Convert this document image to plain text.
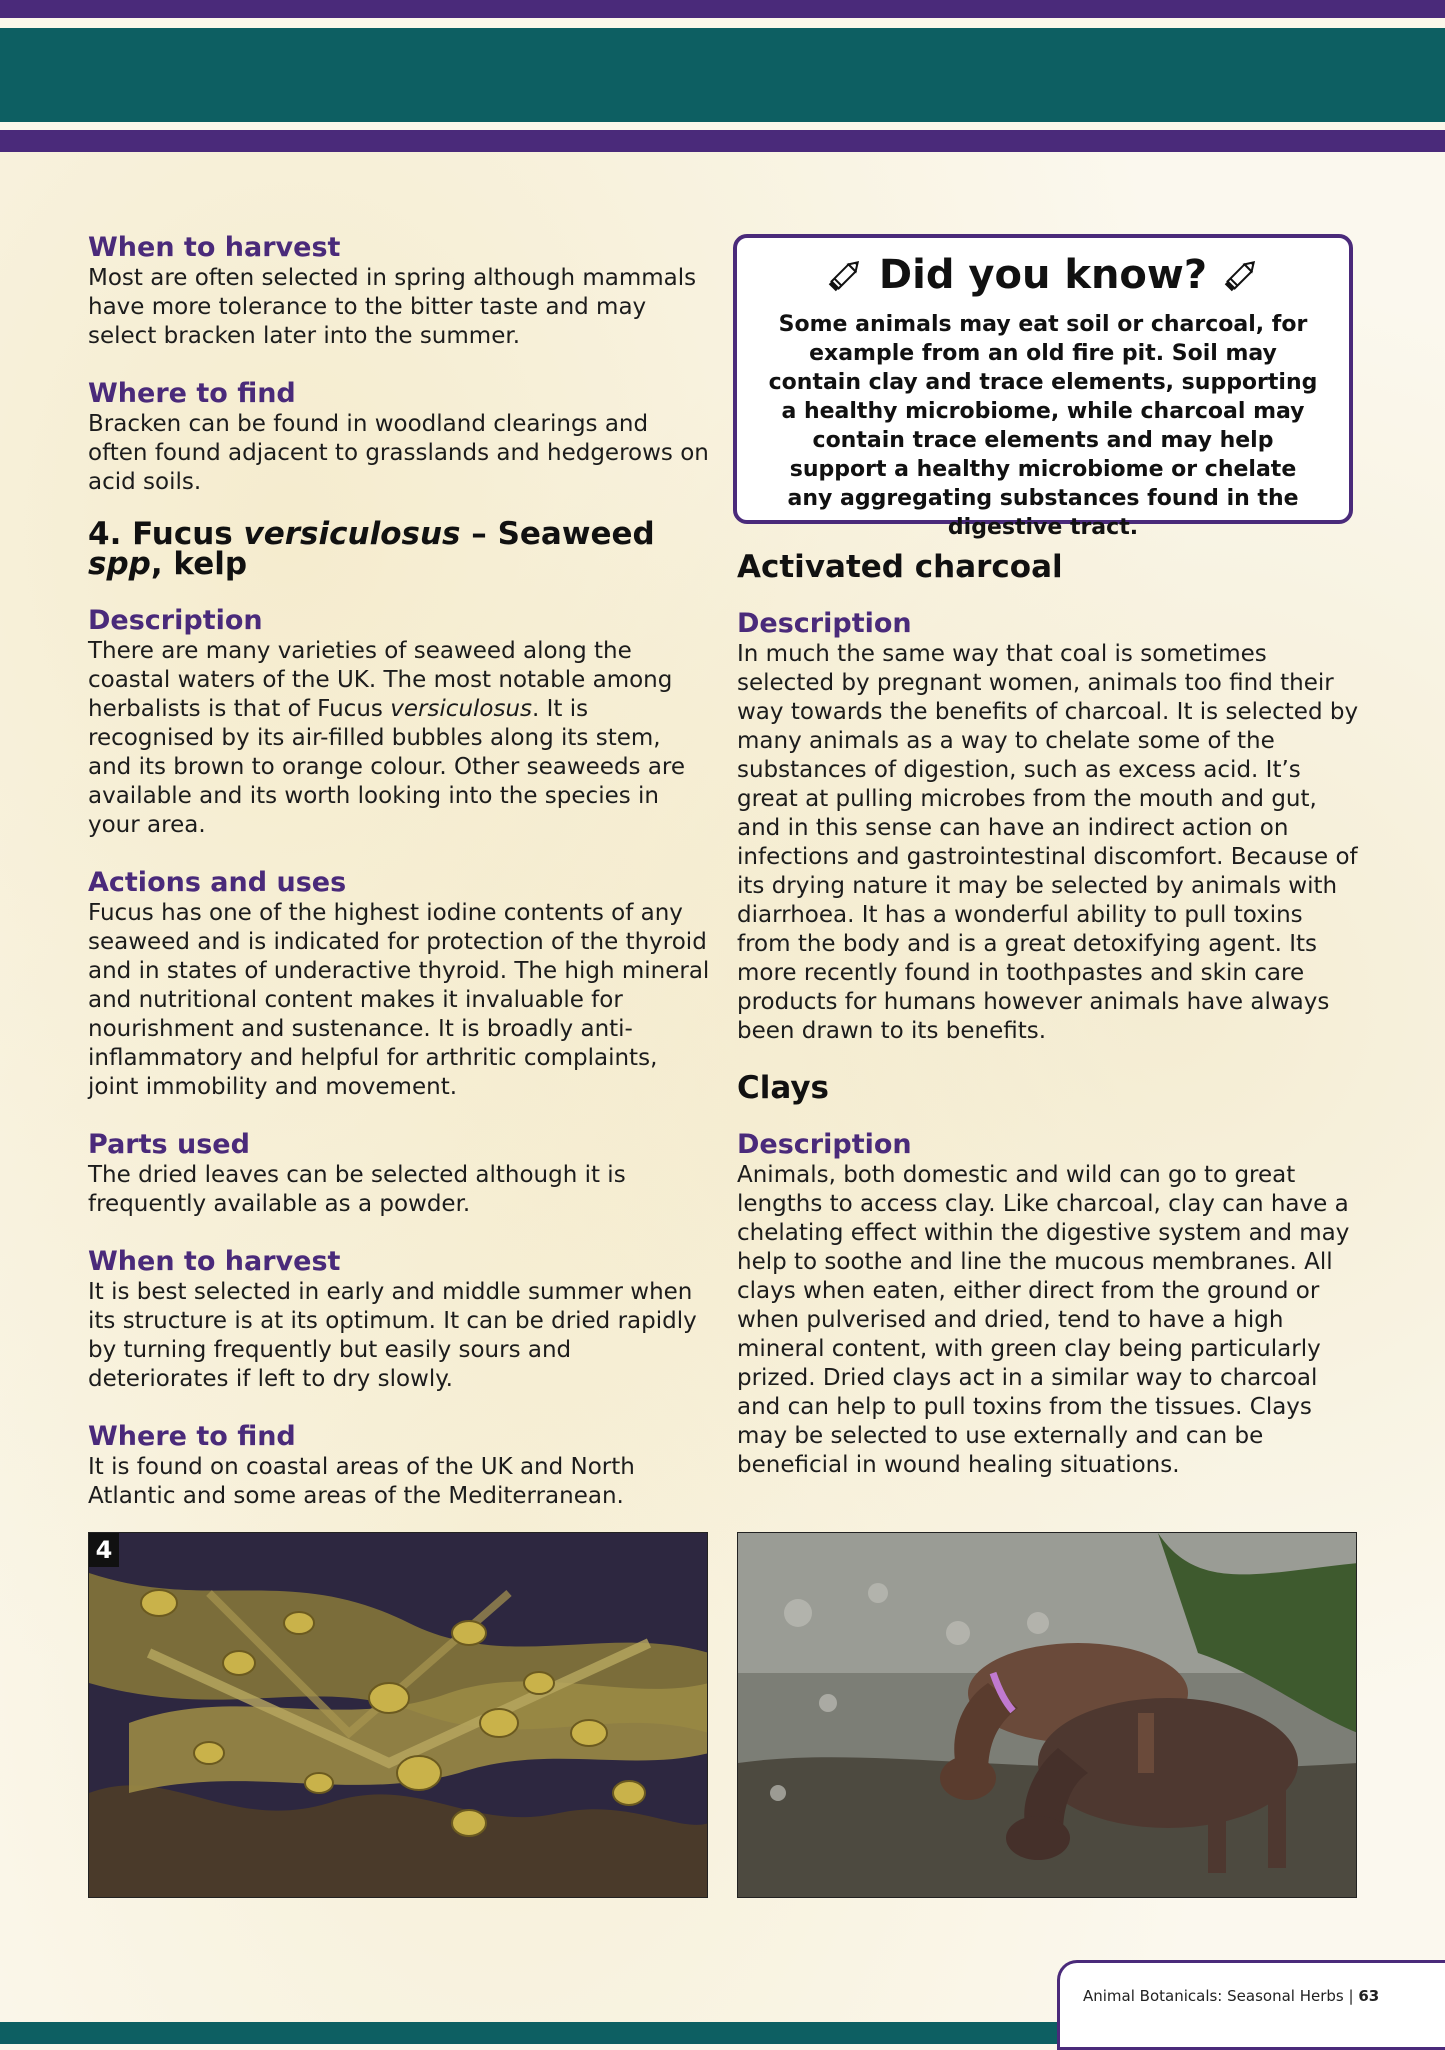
When to harvest

Most are often selected in spring although mammals have more tolerance to the bitter taste and may select bracken later into the summer.

Where to find

Bracken can be found in woodland clearings and often found adjacent to grasslands and hedgerows on acid soils.

4. Fucus versiculosus – Seaweed spp, kelp
Description

There are many varieties of seaweed along the coastal waters of the UK. The most notable among herbalists is that of Fucus versiculosus. It is recognised by its air-filled bubbles along its stem, and its brown to orange colour. Other seaweeds are available and its worth looking into the species in your area.

Actions and uses

Fucus has one of the highest iodine contents of any seaweed and is indicated for protection of the thyroid and in states of underactive thyroid. The high mineral and nutritional content makes it invaluable for nourishment and sustenance. It is broadly anti-inflammatory and helpful for arthritic complaints, joint immobility and movement.

Parts used

The dried leaves can be selected although it is frequently available as a powder.

When to harvest

It is best selected in early and middle summer when its structure is at its optimum. It can be dried rapidly by turning frequently but easily sours and deteriorates if left to dry slowly.

Where to find

It is found on coastal areas of the UK and North Atlantic and some areas of the Mediterranean.

Did you know?
Some animals may eat soil or charcoal, for example from an old fire pit. Soil may contain clay and trace elements, supporting a healthy microbiome, while charcoal may contain trace elements and may help support a healthy microbiome or chelate any aggregating substances found in the digestive tract.
Activated charcoal
Description

In much the same way that coal is sometimes selected by pregnant women, animals too find their way towards the benefits of charcoal. It is selected by many animals as a way to chelate some of the substances of digestion, such as excess acid. It’s great at pulling microbes from the mouth and gut, and in this sense can have an indirect action on infections and gastrointestinal discomfort. Because of its drying nature it may be selected by animals with diarrhoea. It has a wonderful ability to pull toxins from the body and is a great detoxifying agent. Its more recently found in toothpastes and skin care products for humans however animals have always been drawn to its benefits.

Clays
Description

Animals, both domestic and wild can go to great lengths to access clay. Like charcoal, clay can have a chelating effect within the digestive system and may help to soothe and line the mucous membranes. All clays when eaten, either direct from the ground or when pulverised and dried, tend to have a high mineral content, with green clay being particularly prized. Dried clays act in a similar way to charcoal and can help to pull toxins from the tissues. Clays may be selected to use externally and can be beneficial in wound healing situations.

4
Animal Botanicals: Seasonal Herbs | 63
